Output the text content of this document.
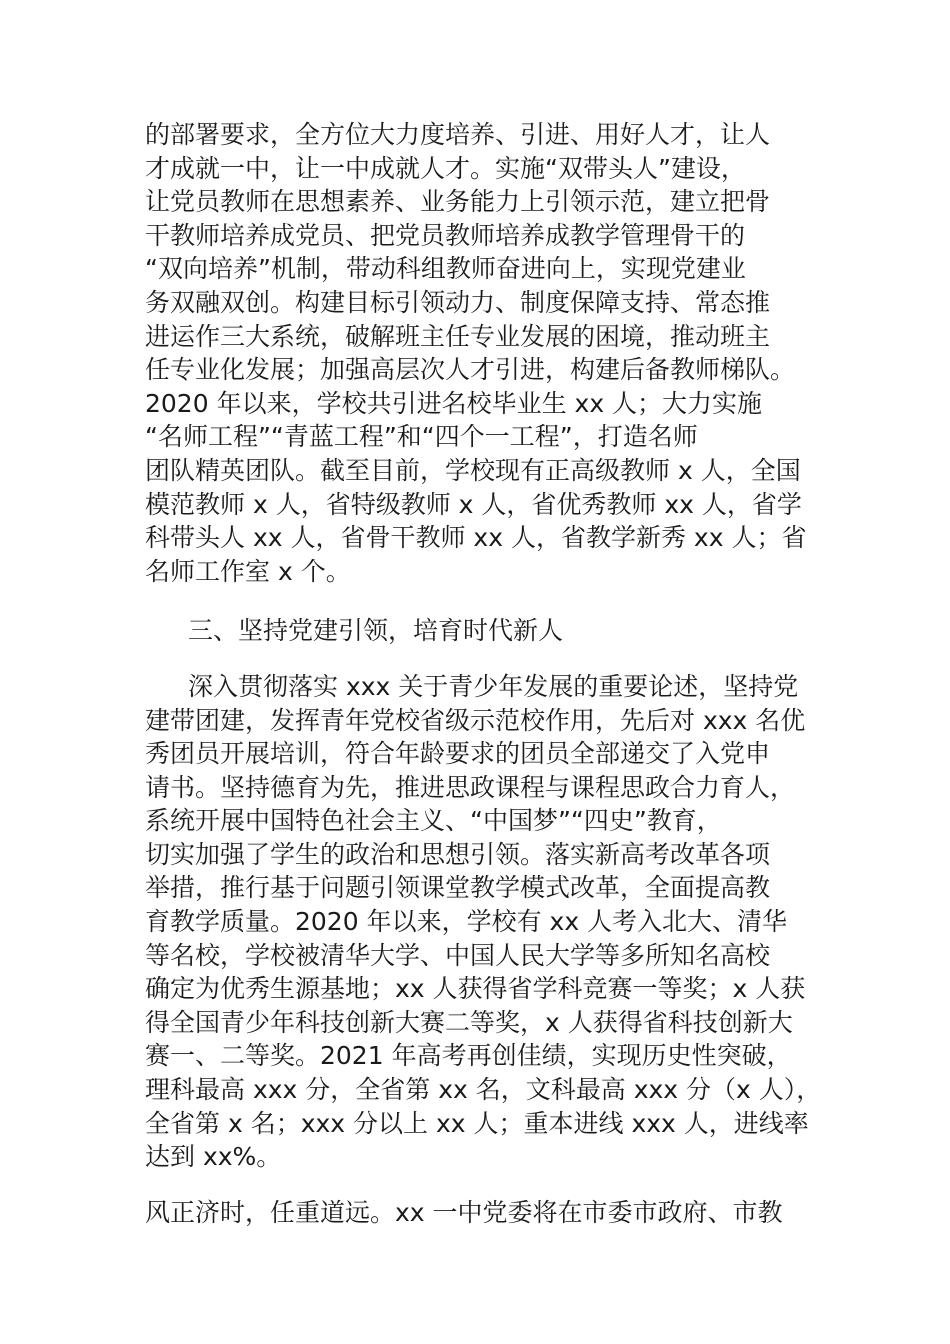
的部署要求，全方位大力度培养、引进、用好人才，让人
才成就一中，让一中成就人才。实施“双带头人”建设，
让党员教师在思想素养、业务能力上引领示范，建立把骨
干教师培养成党员、把党员教师培养成教学管理骨干的
“双向培养”机制，带动科组教师奋进向上，实现党建业
务双融双创。构建目标引领动力、制度保障支持、常态推
进运作三大系统，破解班主任专业发展的困境，推动班主
任专业化发展；加强高层次人才引进，构建后备教师梯队。
2020 年以来，学校共引进名校毕业生 xx 人；大力实施
“名师工程”“青蓝工程”和“四个一工程”，打造名师
团队精英团队。截至目前，学校现有正高级教师 x 人，全国
模范教师 x 人，省特级教师 x 人，省优秀教师 xx 人，省学
科带头人 xx 人，省骨干教师 xx 人，省教学新秀 xx 人；省
名师工作室 x 个。
三、坚持党建引领，培育时代新人
深入贯彻落实 xxx 关于青少年发展的重要论述，坚持党
建带团建，发挥青年党校省级示范校作用，先后对 xxx 名优
秀团员开展培训，符合年龄要求的团员全部递交了入党申
请书。坚持德育为先，推进思政课程与课程思政合力育人，
系统开展中国特色社会主义、“中国梦”“四史”教育，
切实加强了学生的政治和思想引领。落实新高考改革各项
举措，推行基于问题引领课堂教学模式改革，全面提高教
育教学质量。2020 年以来，学校有 xx 人考入北大、清华
等名校，学校被清华大学、中国人民大学等多所知名高校
确定为优秀生源基地；xx 人获得省学科竞赛一等奖；x 人获
得全国青少年科技创新大赛二等奖，x 人获得省科技创新大
赛一、二等奖。2021 年高考再创佳绩，实现历史性突破，
理科最高 xxx 分，全省第 xx 名，文科最高 xxx 分（x 人），
全省第 x 名；xxx 分以上 xx 人；重本进线 xxx 人，进线率
达到 xx%。
风正济时，任重道远。xx 一中党委将在市委市政府、市教
